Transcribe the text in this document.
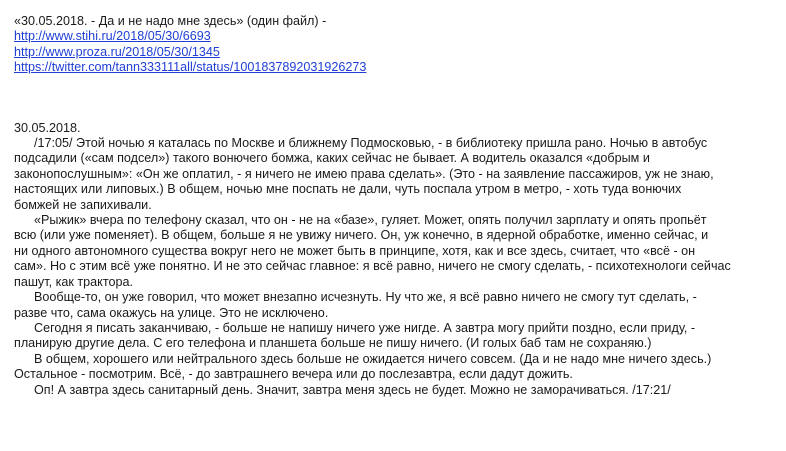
«30.05.2018. - Да и не надо мне здесь» (один файл) -
http://www.stihi.ru/2018/05/30/6693
http://www.proza.ru/2018/05/30/1345
https://twitter.com/tann333111all/status/1001837892031926273
30.05.2018.
/17:05/ Этой ночью я каталась по Москве и ближнему Подмосковью, - в библиотеку пришла рано. Ночью в автобус
подсадили («сам подсел») такого вонючего бомжа, каких сейчас не бывает. А водитель оказался «добрым и
законопослушным»: «Он же оплатил, - я ничего не имею права сделать». (Это - на заявление пассажиров, уж не знаю,
настоящих или липовых.) В общем, ночью мне поспать не дали, чуть поспала утром в метро, - хоть туда вонючих
бомжей не запихивали.
«Рыжик» вчера по телефону сказал, что он - не на «базе», гуляет. Может, опять получил зарплату и опять пропьёт
всю (или уже поменяет). В общем, больше я не увижу ничего. Он, уж конечно, в ядерной обработке, именно сейчас, и
ни одного автономного существа вокруг него не может быть в принципе, хотя, как и все здесь, считает, что «всё - он
сам». Но с этим всё уже понятно. И не это сейчас главное: я всё равно, ничего не смогу сделать, - психотехнологи сейчас
пашут, как трактора.
Вообще-то, он уже говорил, что может внезапно исчезнуть. Ну что же, я всё равно ничего не смогу тут сделать, -
разве что, сама окажусь на улице. Это не исключено.
Сегодня я писать заканчиваю, - больше не напишу ничего уже нигде. А завтра могу прийти поздно, если приду, -
планирую другие дела. С его телефона и планшета больше не пишу ничего. (И голых баб там не сохраняю.)
В общем, хорошего или нейтрального здесь больше не ожидается ничего совсем. (Да и не надо мне ничего здесь.)
Остальное - посмотрим. Всё, - до завтрашнего вечера или до послезавтра, если дадут дожить.
Оп! А завтра здесь санитарный день. Значит, завтра меня здесь не будет. Можно не заморачиваться. /17:21/
